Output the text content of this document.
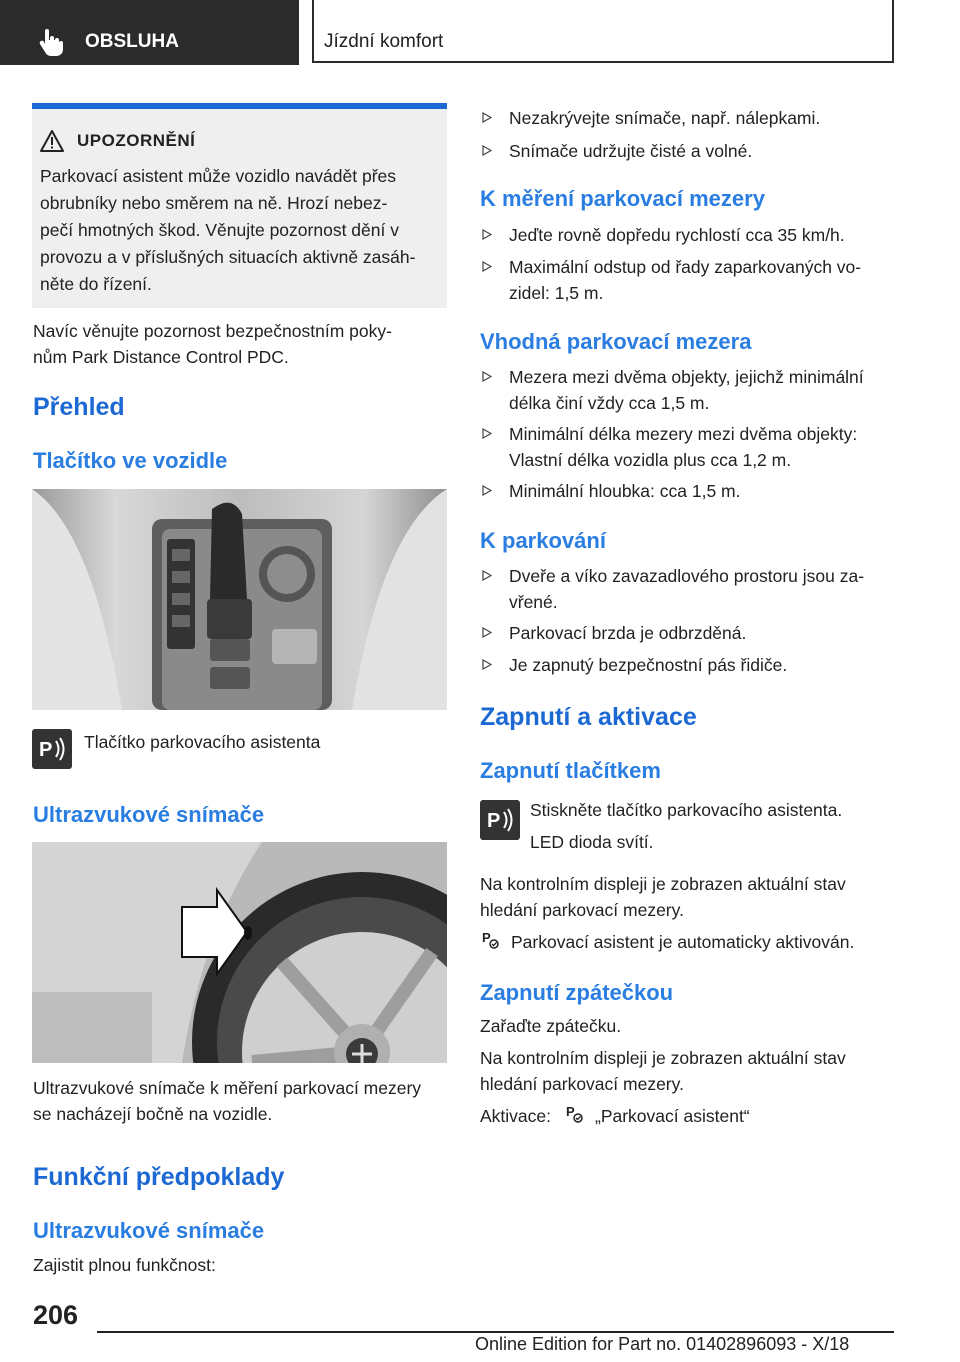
OBSLUHA	Jízdní komfort
UPOZORNĚNÍ
Parkovací asistent může vozidlo navádět přes
obrubníky nebo směrem na ně. Hrozí nebez-
pečí hmotných škod. Věnujte pozornost dění v
provozu a v příslušných situacích aktivně zasáh-
něte do řízení.
Navíc věnujte pozornost bezpečnostním poky-
nům Park Distance Control PDC.
Přehled
Tlačítko ve vozidle
P Tlačítko parkovacího asistenta
Ultrazvukové snímače
Ultrazvukové snímače k měření parkovací mezery
se nacházejí bočně na vozidle.
Funkční předpoklady
Ultrazvukové snímače
Zajistit plnou funkčnost:
Nezakrývejte snímače, např. nálepkami.
Snímače udržujte čisté a volné.
K měření parkovací mezery
Jeďte rovně dopředu rychlostí cca 35 km/h.
Maximální odstup od řady zaparkovaných vo-
zidel: 1,5 m.
Vhodná parkovací mezera
Mezera mezi dvěma objekty, jejichž minimální
délka činí vždy cca 1,5 m.
Minimální délka mezery mezi dvěma objekty:
Vlastní délka vozidla plus cca 1,2 m.
Minimální hloubka: cca 1,5 m.
K parkování
Dveře a víko zavazadlového prostoru jsou za-
vřené.
Parkovací brzda je odbrzděná.
Je zapnutý bezpečnostní pás řidiče.
Zapnutí a aktivace
Zapnutí tlačítkem
P Stiskněte tlačítko parkovacího asistenta.
LED dioda svítí.
Na kontrolním displeji je zobrazen aktuální stav
hledání parkovací mezery.
P Parkovací asistent je automaticky aktivován.
Zapnutí zpátečkou
Zařaďte zpátečku.
Na kontrolním displeji je zobrazen aktuální stav
hledání parkovací mezery.
Aktivace: P „Parkovací asistent“
206
Online Edition for Part no. 01402896093 - X/18
